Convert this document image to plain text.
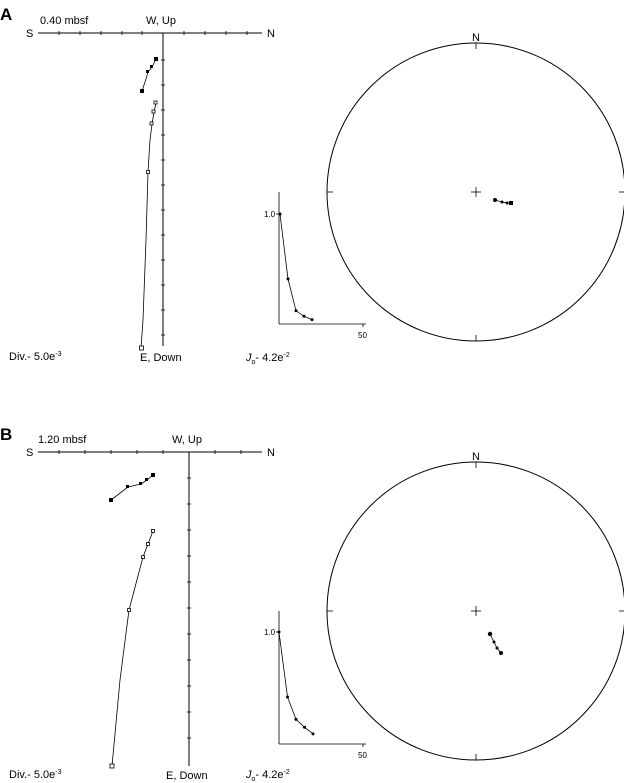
A
S	N
0.40 mbsf	W, Up
E, Down
Div.- $5.0e^{-3}$
1.0
50
$J_o-$ $4.2e^{-2}$
N
B
S	N
1.20 mbsf	W, Up
E, Down
Div.- $5.0e^{-3}$
1.0
50
$J_o-$ $4.2e^{-2}$
N
